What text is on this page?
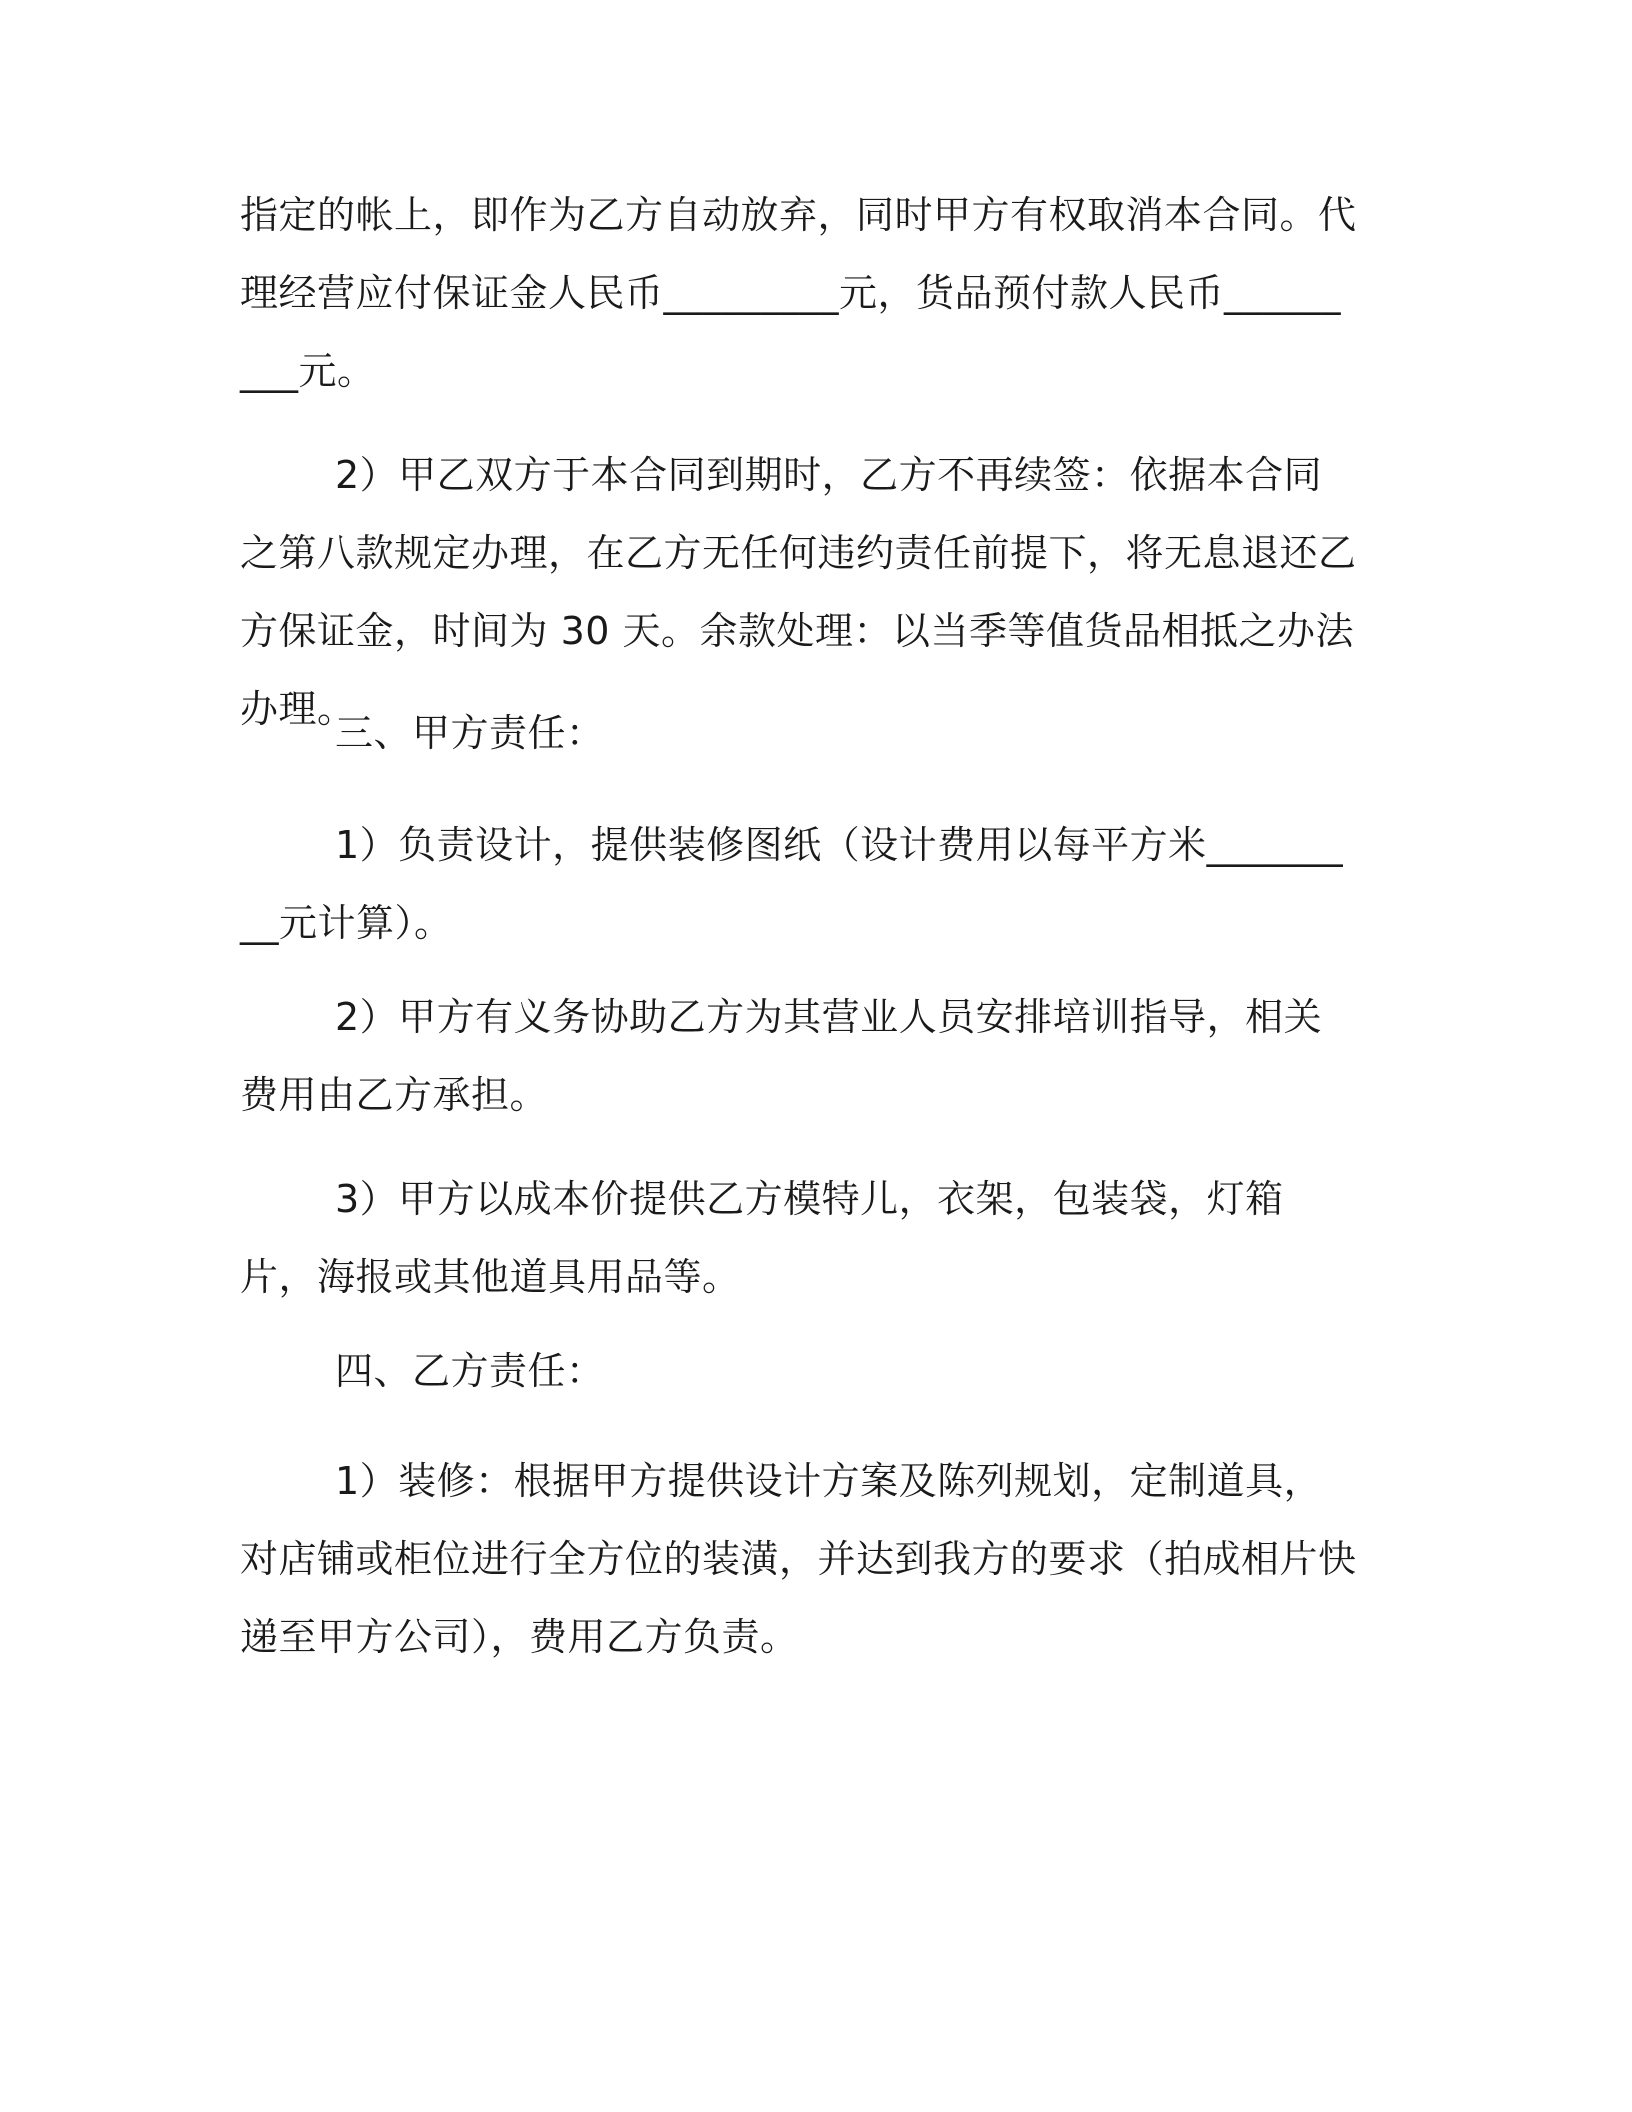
指定的帐上，即作为乙方自动放弃，同时甲方有权取消本合同。代理经营应付保证金人民币_________元，货品预付款人民币_________元。

2）甲乙双方于本合同到期时，乙方不再续签：依据本合同之第八款规定办理，在乙方无任何违约责任前提下，将无息退还乙方保证金，时间为 30 天。余款处理：以当季等值货品相抵之办法办理。

三、甲方责任：

1）负责设计，提供装修图纸（设计费用以每平方米_________元计算）。

2）甲方有义务协助乙方为其营业人员安排培训指导，相关费用由乙方承担。

3）甲方以成本价提供乙方模特儿，衣架，包装袋，灯箱片，海报或其他道具用品等。

四、乙方责任：

1）装修：根据甲方提供设计方案及陈列规划，定制道具，对店铺或柜位进行全方位的装潢，并达到我方的要求（拍成相片快递至甲方公司），费用乙方负责。
